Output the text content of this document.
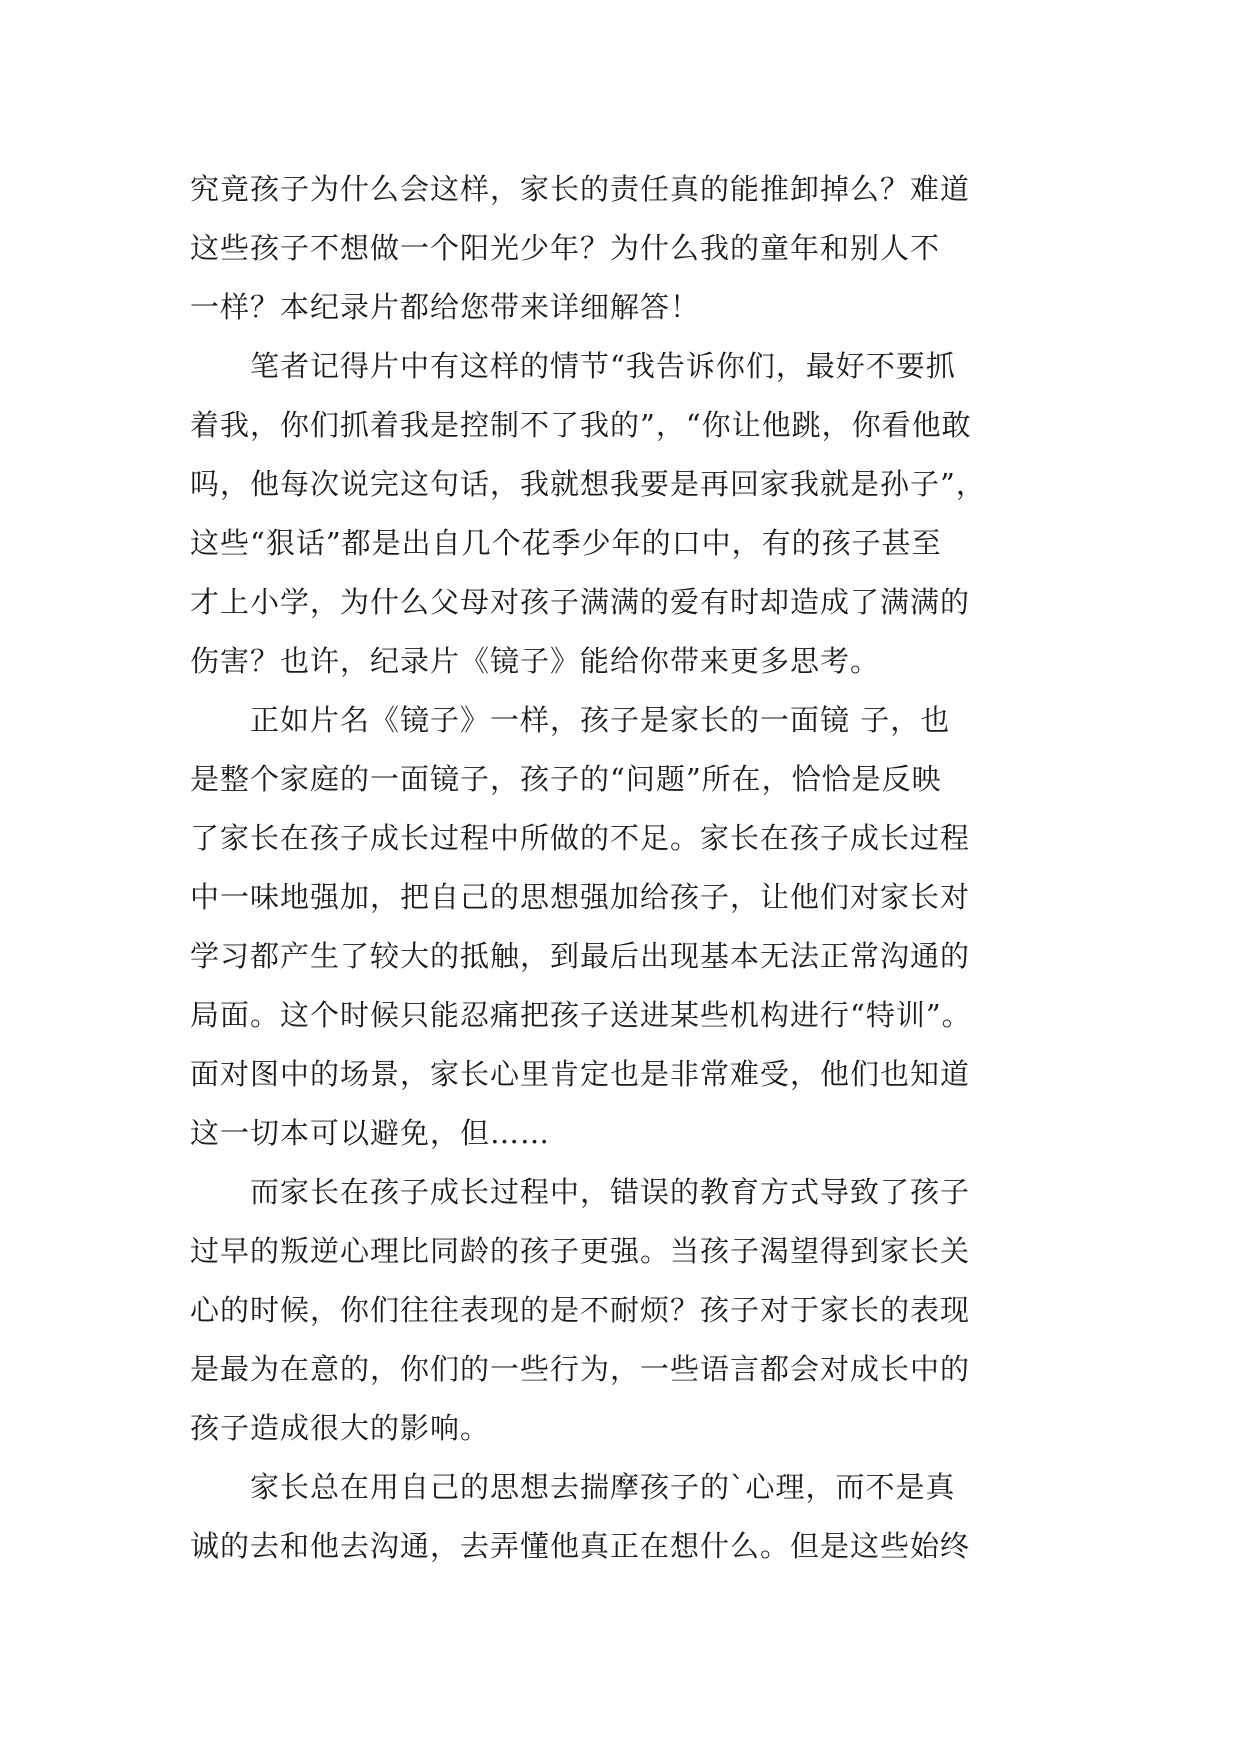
究竟孩子为什么会这样，家长的责任真的能推卸掉么？难道
这些孩子不想做一个阳光少年？为什么我的童年和别人不
一样？本纪录片都给您带来详细解答！
笔者记得片中有这样的情节“我告诉你们，最好不要抓
着我，你们抓着我是控制不了我的”，“你让他跳，你看他敢
吗，他每次说完这句话，我就想我要是再回家我就是孙子”，
这些“狠话”都是出自几个花季少年的口中，有的孩子甚至
才上小学，为什么父母对孩子满满的爱有时却造成了满满的
伤害？也许，纪录片《镜子》能给你带来更多思考。
正如片名《镜子》一样，孩子是家长的一面镜 子，也
是整个家庭的一面镜子，孩子的“问题”所在，恰恰是反映
了家长在孩子成长过程中所做的不足。家长在孩子成长过程
中一味地强加，把自己的思想强加给孩子，让他们对家长对
学习都产生了较大的抵触，到最后出现基本无法正常沟通的
局面。这个时候只能忍痛把孩子送进某些机构进行“特训”。
面对图中的场景，家长心里肯定也是非常难受，他们也知道
这一切本可以避免，但……
而家长在孩子成长过程中，错误的教育方式导致了孩子
过早的叛逆心理比同龄的孩子更强。当孩子渴望得到家长关
心的时候，你们往往表现的是不耐烦？孩子对于家长的表现
是最为在意的，你们的一些行为，一些语言都会对成长中的
孩子造成很大的影响。
家长总在用自己的思想去揣摩孩子的`心理，而不是真
诚的去和他去沟通，去弄懂他真正在想什么。但是这些始终
